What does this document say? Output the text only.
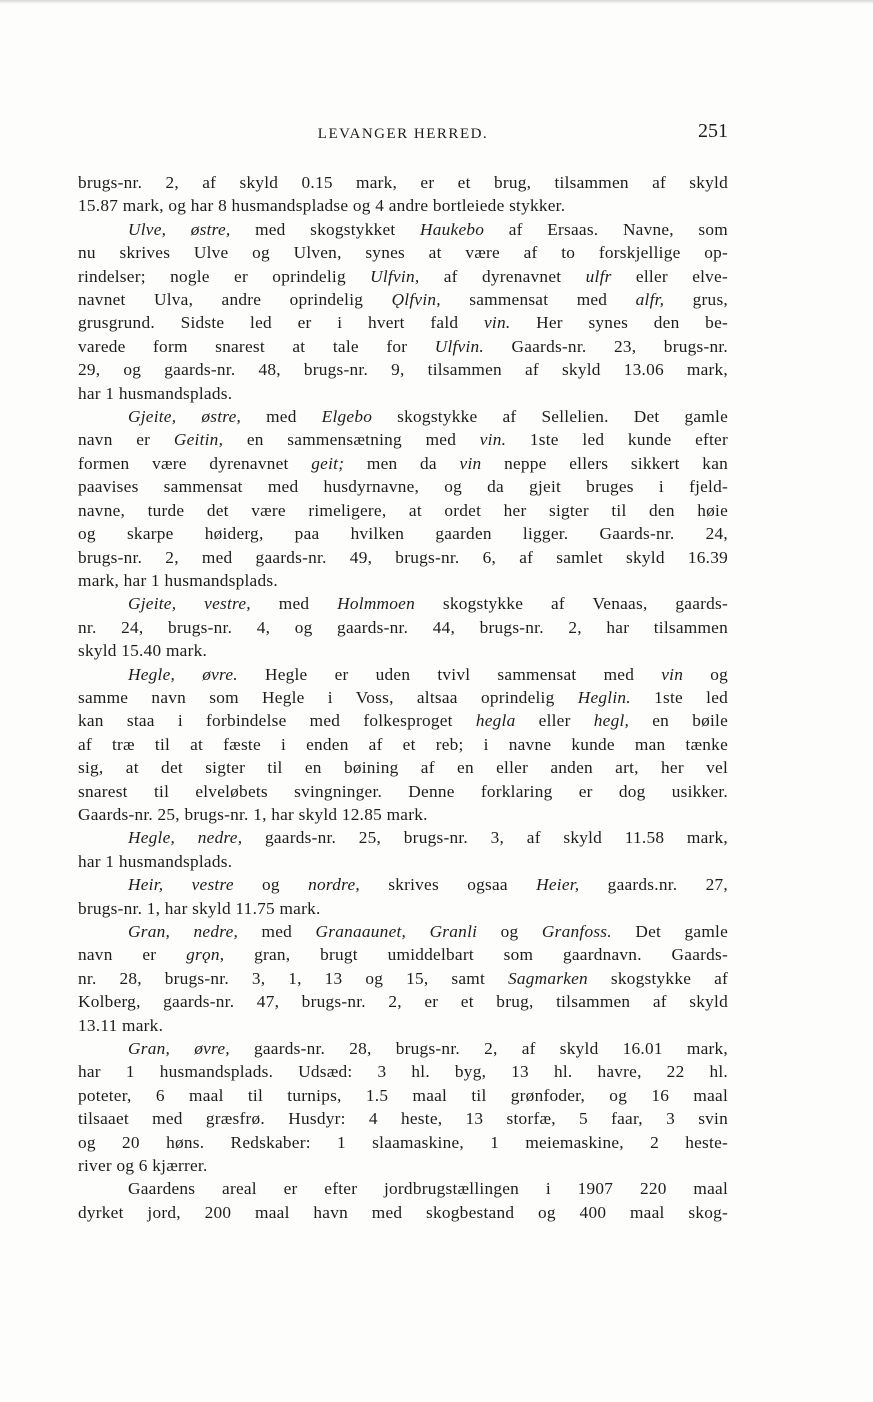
LEVANGER HERRED.	251
brugs-nr. 2, af skyld 0.15 mark, er et brug, tilsammen af skyld
15.87 mark, og har 8 husmandspladse og 4 andre bortleiede stykker.
Ulve, østre, med skogstykket Haukebo af Ersaas. Navne, som
nu skrives Ulve og Ulven, synes at være af to forskjellige op-
rindelser; nogle er oprindelig Ulfvin, af dyrenavnet ulfr eller elve-
navnet Ulva, andre oprindelig Ǫlfvin, sammensat med alfr, grus,
grusgrund. Sidste led er i hvert fald vin. Her synes den be-
varede form snarest at tale for Ulfvin. Gaards-nr. 23, brugs-nr.
29, og gaards-nr. 48, brugs-nr. 9, tilsammen af skyld 13.06 mark,
har 1 husmandsplads.
Gjeite, østre, med Elgebo skogstykke af Sellelien. Det gamle
navn er Geitin, en sammensætning med vin. 1ste led kunde efter
formen være dyrenavnet geit; men da vin neppe ellers sikkert kan
paavises sammensat med husdyrnavne, og da gjeit bruges i fjeld-
navne, turde det være rimeligere, at ordet her sigter til den høie
og skarpe høiderg, paa hvilken gaarden ligger. Gaards-nr. 24,
brugs-nr. 2, med gaards-nr. 49, brugs-nr. 6, af samlet skyld 16.39
mark, har 1 husmandsplads.
Gjeite, vestre, med Holmmoen skogstykke af Venaas, gaards-
nr. 24, brugs-nr. 4, og gaards-nr. 44, brugs-nr. 2, har tilsammen
skyld 15.40 mark.
Hegle, øvre. Hegle er uden tvivl sammensat med vin og
samme navn som Hegle i Voss, altsaa oprindelig Heglin. 1ste led
kan staa i forbindelse med folkesproget hegla eller hegl, en bøile
af træ til at fæste i enden af et reb; i navne kunde man tænke
sig, at det sigter til en bøining af en eller anden art, her vel
snarest til elveløbets svingninger. Denne forklaring er dog usikker.
Gaards-nr. 25, brugs-nr. 1, har skyld 12.85 mark.
Hegle, nedre, gaards-nr. 25, brugs-nr. 3, af skyld 11.58 mark,
har 1 husmandsplads.
Heir, vestre og nordre, skrives ogsaa Heier, gaards.nr. 27,
brugs-nr. 1, har skyld 11.75 mark.
Gran, nedre, med Granaaunet, Granli og Granfoss. Det gamle
navn er grǫn, gran, brugt umiddelbart som gaardnavn. Gaards-
nr. 28, brugs-nr. 3, 1, 13 og 15, samt Sagmarken skogstykke af
Kolberg, gaards-nr. 47, brugs-nr. 2, er et brug, tilsammen af skyld
13.11 mark.
Gran, øvre, gaards-nr. 28, brugs-nr. 2, af skyld 16.01 mark,
har 1 husmandsplads. Udsæd: 3 hl. byg, 13 hl. havre, 22 hl.
poteter, 6 maal til turnips, 1.5 maal til grønfoder, og 16 maal
tilsaaet med græsfrø. Husdyr: 4 heste, 13 storfæ, 5 faar, 3 svin
og 20 høns. Redskaber: 1 slaamaskine, 1 meiemaskine, 2 heste-
river og 6 kjærrer.
Gaardens areal er efter jordbrugstællingen i 1907 220 maal
dyrket jord, 200 maal havn med skogbestand og 400 maal skog-
